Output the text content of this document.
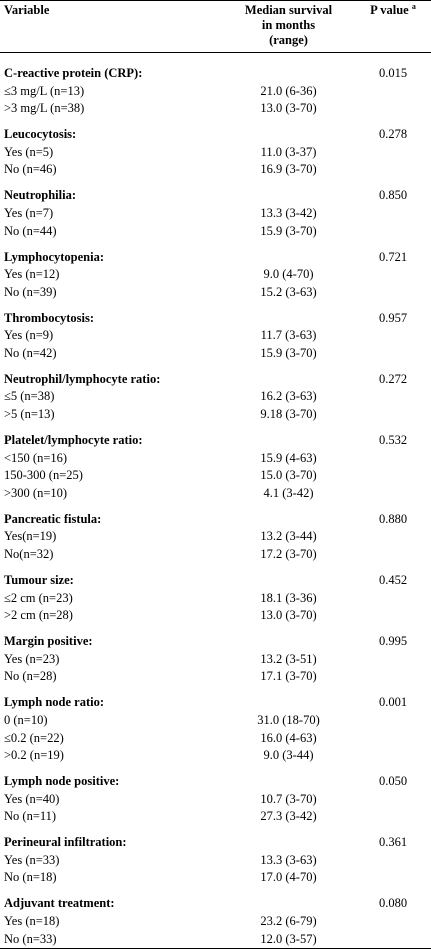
Variable	Median survival
in months
(range)	P value $^a$

C-reactive protein (CRP):		0.015
≤3 mg/L (n=13)	21.0 (6-36)	
>3 mg/L (n=38)	13.0 (3-70)	

Leucocytosis:		0.278
Yes (n=5)	11.0 (3-37)	
No (n=46)	16.9 (3-70)	

Neutrophilia:		0.850
Yes (n=7)	13.3 (3-42)	
No (n=44)	15.9 (3-70)	

Lymphocytopenia:		0.721
Yes (n=12)	9.0 (4-70)	
No (n=39)	15.2 (3-63)	

Thrombocytosis:		0.957
Yes (n=9)	11.7 (3-63)	
No (n=42)	15.9 (3-70)	

Neutrophil/lymphocyte ratio:		0.272
≤5 (n=38)	16.2 (3-63)	
>5 (n=13)	9.18 (3-70)	

Platelet/lymphocyte ratio:		0.532
<150 (n=16)	15.9 (4-63)	
150-300 (n=25)	15.0 (3-70)	
>300 (n=10)	4.1 (3-42)	

Pancreatic fistula:		0.880
Yes(n=19)	13.2 (3-44)	
No(n=32)	17.2 (3-70)	

Tumour size:		0.452
≤2 cm (n=23)	18.1 (3-36)	
>2 cm (n=28)	13.0 (3-70)	

Margin positive:		0.995
Yes (n=23)	13.2 (3-51)	
No (n=28)	17.1 (3-70)	

Lymph node ratio:		0.001
0 (n=10)	31.0 (18-70)	
≤0.2 (n=22)	16.0 (4-63)	
>0.2 (n=19)	9.0 (3-44)	

Lymph node positive:		0.050
Yes (n=40)	10.7 (3-70)	
No (n=11)	27.3 (3-42)	

Perineural infiltration:		0.361
Yes (n=33)	13.3 (3-63)	
No (n=18)	17.0 (4-70)	

Adjuvant treatment:		0.080
Yes (n=18)	23.2 (6-79)	
No (n=33)	12.0 (3-57)	
